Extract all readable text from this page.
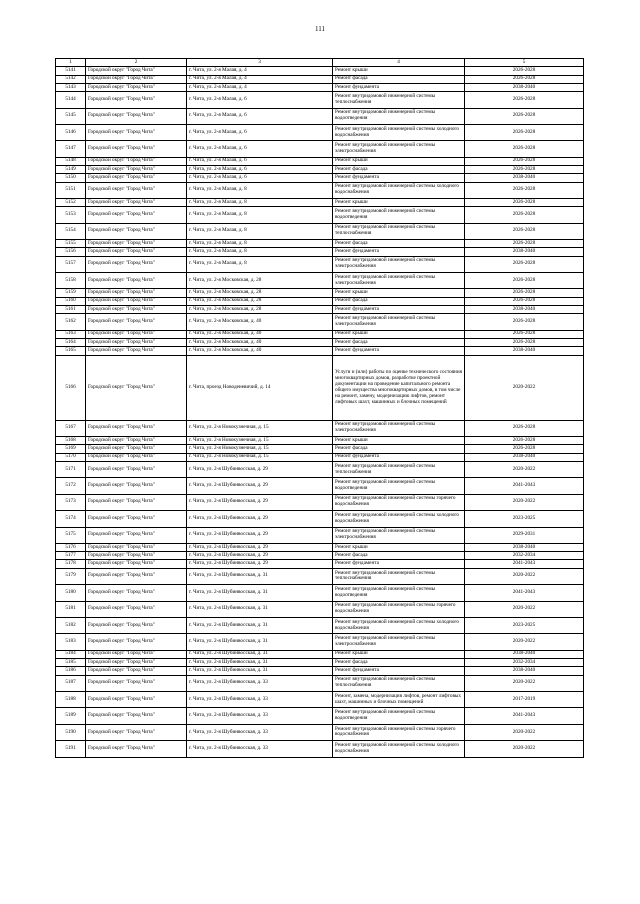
111
1	2	3	4	5
5141	Городской округ "Город Чита"	г. Чита, ул. 2-я Малая, д. 4	Ремонт крыши	2026-2028
5142	Городской округ "Город Чита"	г. Чита, ул. 2-я Малая, д. 4	Ремонт фасада	2026-2028
5143	Городской округ "Город Чита"	г. Чита, ул. 2-я Малая, д. 4	Ремонт фундамента	2038-2040
5144	Городской округ "Город Чита"	г. Чита, ул. 2-я Малая, д. 6	Ремонт внутридомовой инженерной системы теплоснабжения	2026-2028
5145	Городской округ "Город Чита"	г. Чита, ул. 2-я Малая, д. 6	Ремонт внутридомовой инженерной системы водоотведения	2026-2028
5146	Городской округ "Город Чита"	г. Чита, ул. 2-я Малая, д. 6	Ремонт внутридомовой инженерной системы холодного водоснабжения	2026-2028
5147	Городской округ "Город Чита"	г. Чита, ул. 2-я Малая, д. 6	Ремонт внутридомовой инженерной системы электроснабжения	2026-2028
5148	Городской округ "Город Чита"	г. Чита, ул. 2-я Малая, д. 6	Ремонт крыши	2026-2028
5149	Городской округ "Город Чита"	г. Чита, ул. 2-я Малая, д. 6	Ремонт фасада	2026-2028
5150	Городской округ "Город Чита"	г. Чита, ул. 2-я Малая, д. 6	Ремонт фундамента	2038-2040
5151	Городской округ "Город Чита"	г. Чита, ул. 2-я Малая, д. 8	Ремонт внутридомовой инженерной системы холодного водоснабжения	2026-2028
5152	Городской округ "Город Чита"	г. Чита, ул. 2-я Малая, д. 8	Ремонт крыши	2026-2028
5153	Городской округ "Город Чита"	г. Чита, ул. 2-я Малая, д. 8	Ремонт внутридомовой инженерной системы водоотведения	2026-2028
5154	Городской округ "Город Чита"	г. Чита, ул. 2-я Малая, д. 8	Ремонт внутридомовой инженерной системы теплоснабжения	2026-2028
5155	Городской округ "Город Чита"	г. Чита, ул. 2-я Малая, д. 8	Ремонт фасада	2026-2028
5156	Городской округ "Город Чита"	г. Чита, ул. 2-я Малая, д. 8	Ремонт фундамента	2038-2040
5157	Городской округ "Город Чита"	г. Чита, ул. 2-я Малая, д. 8	Ремонт внутридомовой инженерной системы электроснабжения	2026-2028
5158	Городской округ "Город Чита"	г. Чита, ул. 2-я Московская, д. 28	Ремонт внутридомовой инженерной системы электроснабжения	2026-2028
5159	Городской округ "Город Чита"	г. Чита, ул. 2-я Московская, д. 28	Ремонт крыши	2026-2028
5160	Городской округ "Город Чита"	г. Чита, ул. 2-я Московская, д. 28	Ремонт фасада	2026-2028
5161	Городской округ "Город Чита"	г. Чита, ул. 2-я Московская, д. 28	Ремонт фундамента	2038-2040
5162	Городской округ "Город Чита"	г. Чита, ул. 2-я Московская, д. 40	Ремонт внутридомовой инженерной системы электроснабжения	2026-2028
5163	Городской округ "Город Чита"	г. Чита, ул. 2-я Московская, д. 40	Ремонт крыши	2026-2028
5164	Городской округ "Город Чита"	г. Чита, ул. 2-я Московская, д. 40	Ремонт фасада	2026-2028
5165	Городской округ "Город Чита"	г. Чита, ул. 2-я Московская, д. 40	Ремонт фундамента	2038-2040
5166	Городской округ "Город Чита"	г. Чита, проезд Новоденевичий, д. 14	Услуги и (или) работы по оценке технического состояния многоквартирных домов, разработке проектной документации на проведение капитального ремонта общего имущества многоквартирных домов, в том числе на ремонт, замену, модернизацию лифтов, ремонт лифтовых шахт, машинных и блочных помещений	2020-2022
5167	Городской округ "Город Чита"	г. Чита, ул. 2-я Новокузнечная, д. 15	Ремонт внутридомовой инженерной системы электроснабжения	2026-2028
5168	Городской округ "Город Чита"	г. Чита, ул. 2-я Новокузнечная, д. 15	Ремонт крыши	2026-2028
5169	Городской округ "Город Чита"	г. Чита, ул. 2-я Новокузнечная, д. 15	Ремонт фасада	2026-2028
5170	Городской округ "Город Чита"	г. Чита, ул. 2-я Новокузнечная, д. 15	Ремонт фундамента	2038-2040
5171	Городской округ "Город Чита"	г. Чита, ул. 2-я Шубинвосская, д. 29	Ремонт внутридомовой инженерной системы теплоснабжения	2020-2022
5172	Городской округ "Город Чита"	г. Чита, ул. 2-я Шубинвосская, д. 29	Ремонт внутридомовой инженерной системы водоотведения	2041-2043
5173	Городской округ "Город Чита"	г. Чита, ул. 2-я Шубинвосская, д. 29	Ремонт внутридомовой инженерной системы горячего водоснабжения	2020-2022
5174	Городской округ "Город Чита"	г. Чита, ул. 2-я Шубинвосская, д. 29	Ремонт внутридомовой инженерной системы холодного водоснабжения	2023-2025
5175	Городской округ "Город Чита"	г. Чита, ул. 2-я Шубинвосская, д. 29	Ремонт внутридомовой инженерной системы электроснабжения	2029-2031
5176	Городской округ "Город Чита"	г. Чита, ул. 2-я Шубинвосская, д. 29	Ремонт крыши	2038-2040
5177	Городской округ "Город Чита"	г. Чита, ул. 2-я Шубинвосская, д. 29	Ремонт фасада	2032-2034
5178	Городской округ "Город Чита"	г. Чита, ул. 2-я Шубинвосская, д. 29	Ремонт фундамента	2041-2043
5179	Городской округ "Город Чита"	г. Чита, ул. 2-я Шубинвосская, д. 31	Ремонт внутридомовой инженерной системы теплоснабжения	2020-2022
5180	Городской округ "Город Чита"	г. Чита, ул. 2-я Шубинвосская, д. 31	Ремонт внутридомовой инженерной системы водоотведения	2041-2043
5181	Городской округ "Город Чита"	г. Чита, ул. 2-я Шубинвосская, д. 31	Ремонт внутридомовой инженерной системы горячего водоснабжения	2020-2022
5182	Городской округ "Город Чита"	г. Чита, ул. 2-я Шубинвосская, д. 31	Ремонт внутридомовой инженерной системы холодного водоснабжения	2023-2025
5183	Городской округ "Город Чита"	г. Чита, ул. 2-я Шубинвосская, д. 31	Ремонт внутридомовой инженерной системы электроснабжения	2020-2022
5184	Городской округ "Город Чита"	г. Чита, ул. 2-я Шубинвосская, д. 31	Ремонт крыши	2038-2040
5185	Городской округ "Город Чита"	г. Чита, ул. 2-я Шубинвосская, д. 31	Ремонт фасада	2032-2034
5186	Городской округ "Город Чита"	г. Чита, ул. 2-я Шубинвосская, д. 31	Ремонт фундамента	2038-2040
5187	Городской округ "Город Чита"	г. Чита, ул. 2-я Шубинвосская, д. 33	Ремонт внутридомовой инженерной системы теплоснабжения	2020-2022
5188	Городской округ "Город Чита"	г. Чита, ул. 2-я Шубинвосская, д. 33	Ремонт, замена, модернизация лифтов, ремонт лифтовых шахт, машинных и блочных помещений	2017-2019
5189	Городской округ "Город Чита"	г. Чита, ул. 2-я Шубинвосская, д. 33	Ремонт внутридомовой инженерной системы водоотведения	2041-2043
5190	Городской округ "Город Чита"	г. Чита, ул. 2-я Шубинвосская, д. 33	Ремонт внутридомовой инженерной системы горячего водоснабжения	2020-2022
5191	Городской округ "Город Чита"	г. Чита, ул. 2-я Шубинвосская, д. 33	Ремонт внутридомовой инженерной системы холодного водоснабжения	2020-2022
